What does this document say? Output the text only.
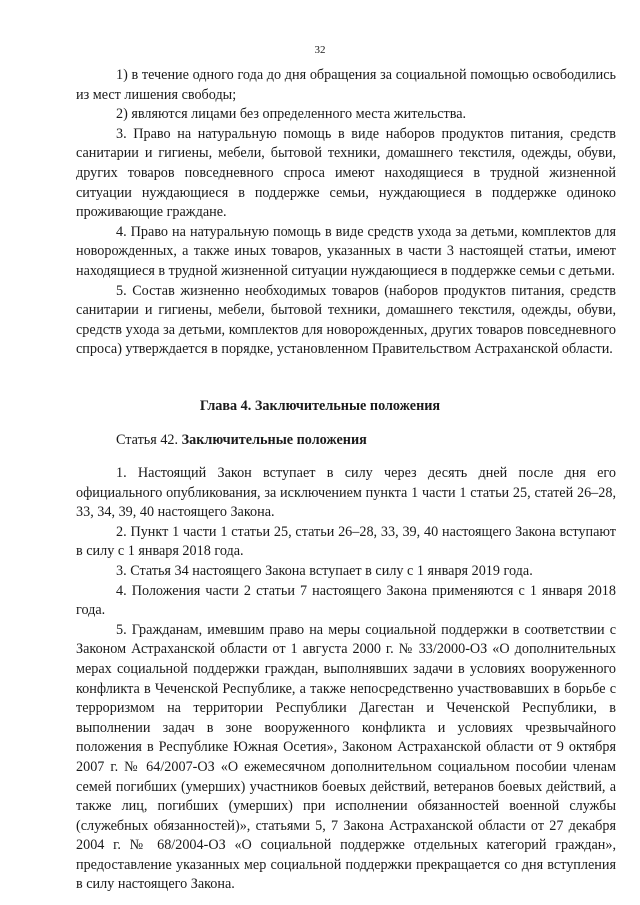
32

1) в течение одного года до дня обращения за социальной помощью освободились из мест лишения свободы;

2) являются лицами без определенного места жительства.

3. Право на натуральную помощь в виде наборов продуктов питания, средств санитарии и гигиены, мебели, бытовой техники, домашнего текстиля, одежды, обуви, других товаров повседневного спроса имеют находящиеся в трудной жизненной ситуации нуждающиеся в поддержке семьи, нуждающиеся в поддержке одиноко проживающие граждане.

4. Право на натуральную помощь в виде средств ухода за детьми, комплектов для новорожденных, а также иных товаров, указанных в части 3 настоящей статьи, имеют находящиеся в трудной жизненной ситуации нуждающиеся в поддержке семьи с детьми.

5. Состав жизненно необходимых товаров (наборов продуктов питания, средств санитарии и гигиены, мебели, бытовой техники, домашнего текстиля, одежды, обуви, средств ухода за детьми, комплектов для новорожденных, других товаров повседневного спроса) утверждается в порядке, установленном Правительством Астраханской области.

Глава 4. Заключительные положения
Статья 42. Заключительные положения

1. Настоящий Закон вступает в силу через десять дней после дня его официального опубликования, за исключением пункта 1 части 1 статьи 25, статей 26–28, 33, 34, 39, 40 настоящего Закона.

2. Пункт 1 части 1 статьи 25, статьи 26–28, 33, 39, 40 настоящего Закона вступают в силу с 1 января 2018 года.

3. Статья 34 настоящего Закона вступает в силу с 1 января 2019 года.

4. Положения части 2 статьи 7 настоящего Закона применяются с 1 января 2018 года.

5. Гражданам, имевшим право на меры социальной поддержки в соответствии с Законом Астраханской области от 1 августа 2000 г. № 33/2000-ОЗ «О дополнительных мерах социальной поддержки граждан, выполнявших задачи в условиях вооруженного конфликта в Чеченской Республике, а также непосредственно участвовавших в борьбе с терроризмом на территории Республики Дагестан и Чеченской Республики, в выполнении задач в зоне вооруженного конфликта и условиях чрезвычайного положения в Республике Южная Осетия», Законом Астраханской области от 9 октября 2007 г. № 64/2007-ОЗ «О ежемесячном дополнительном социальном пособии членам семей погибших (умерших) участников боевых действий, ветеранов боевых действий, а также лиц, погибших (умерших) при исполнении обязанностей военной службы (служебных обязанностей)», статьями 5, 7 Закона Астраханской области от 27 декабря 2004 г. № 68/2004-ОЗ «О социальной поддержке отдельных категорий граждан», предоставление указанных мер социальной поддержки прекращается со дня вступления в силу настоящего Закона.
